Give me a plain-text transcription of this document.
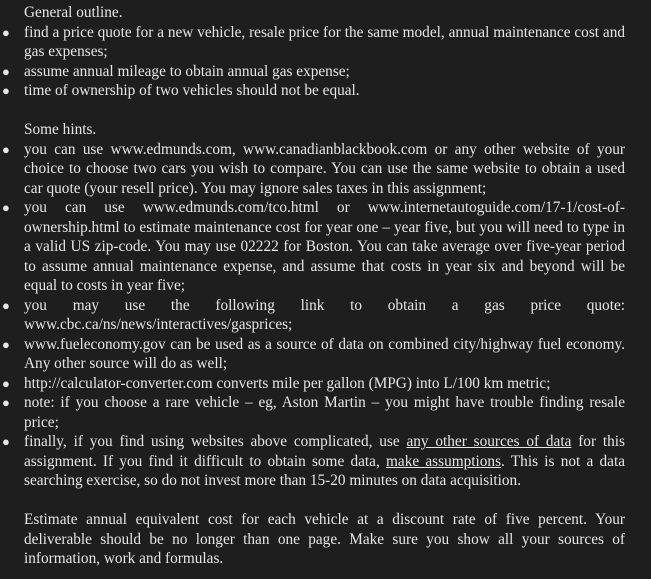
General outline.
● find a price quote for a new vehicle, resale price for the same model, annual maintenance cost and gas expenses;
● assume annual mileage to obtain annual gas expense;
● time of ownership of two vehicles should not be equal.
Some hints.
● you can use www.edmunds.com, www.canadianblackbook.com or any other website of your choice to choose two cars you wish to compare. You can use the same website to obtain a used car quote (your resell price). You may ignore sales taxes in this assignment;
● you can use www.edmunds.com/tco.html or www.internetautoguide.com/17-1/cost-of-ownership.html to estimate maintenance cost for year one – year five, but you will need to type in a valid US zip-code. You may use 02222 for Boston. You can take average over five-year period to assume annual maintenance expense, and assume that costs in year six and beyond will be equal to costs in year five;
● you may use the following link to obtain a gas price quote: www.cbc.ca/ns/news/interactives/gasprices;
● www.fueleconomy.gov can be used as a source of data on combined city/highway fuel economy. Any other source will do as well;
● http://calculator-converter.com converts mile per gallon (MPG) into L/100 km metric;
● note: if you choose a rare vehicle – eg, Aston Martin – you might have trouble finding resale price;
● finally, if you find using websites above complicated, use any other sources of data for this assignment. If you find it difficult to obtain some data, make assumptions. This is not a data searching exercise, so do not invest more than 15-20 minutes on data acquisition.
Estimate annual equivalent cost for each vehicle at a discount rate of five percent. Your deliverable should be no longer than one page. Make sure you show all your sources of information, work and formulas.
